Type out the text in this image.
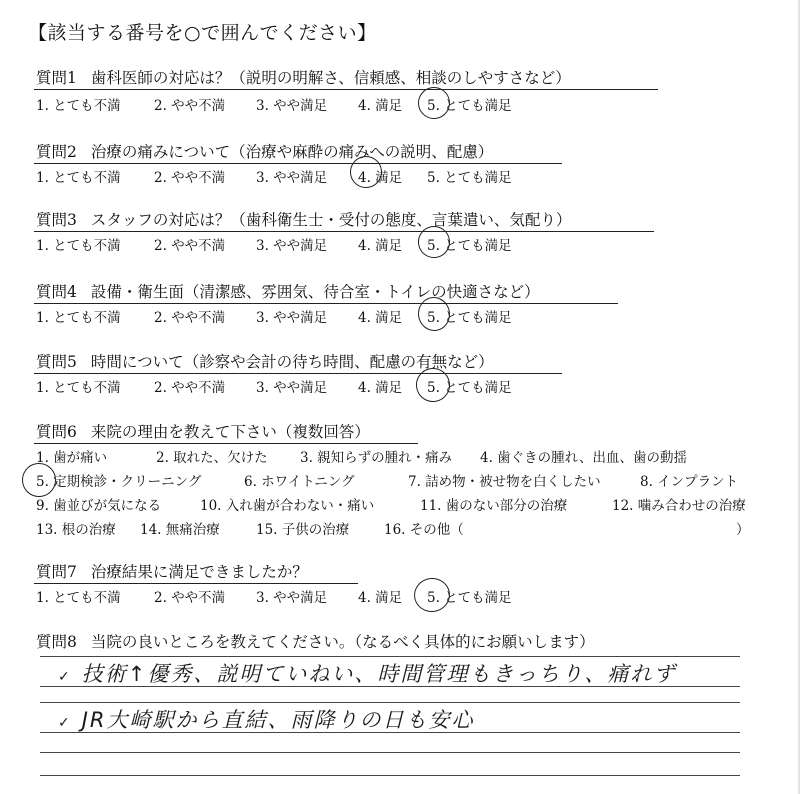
【該当する番号を○で囲んでください】
質問1 歯科医師の対応は？（説明の明解さ、信頼感、相談のしやすさなど）
1. とても不満 2. やや不満 3. やや満足 4. 満足 5. とても満足
質問2 治療の痛みについて（治療や麻酔の痛みへの説明、配慮）
1. とても不満 2. やや不満 3. やや満足 4. 満足 5. とても満足
質問3 スタッフの対応は？（歯科衛生士・受付の態度、言葉遣い、気配り）
1. とても不満 2. やや不満 3. やや満足 4. 満足 5. とても満足
質問4 設備・衛生面（清潔感、雰囲気、待合室・トイレの快適さなど）
1. とても不満 2. やや不満 3. やや満足 4. 満足 5. とても満足
質問5 時間について（診察や会計の待ち時間、配慮の有無など）
1. とても不満 2. やや不満 3. やや満足 4. 満足 5. とても満足
質問6 来院の理由を教えて下さい（複数回答）
1. 歯が痛い	2. 取れた、欠けた 3. 親知らずの腫れ・痛み 4. 歯ぐきの腫れ、出血、歯の動揺
5. 定期検診・クリーニング	6. ホワイトニング	7. 詰め物・被せ物を白くしたい	8. インプラント
9. 歯並びが気になる	10. 入れ歯が合わない・痛い	11. 歯のない部分の治療	12. 噛み合わせの治療
13. 根の治療 14. 無痛治療	15. 子供の治療	16. その他（	）
質問7 治療結果に満足できましたか？
1. とても不満 2. やや不満 3. やや満足 4. 満足 5. とても満足
質問8 当院の良いところを教えてください。（なるべく具体的にお願いします）
✓ 技術↑優秀、説明ていねい、時間管理もきっちり、痛れず
✓ JR大崎駅から直結、雨降りの日も安心
